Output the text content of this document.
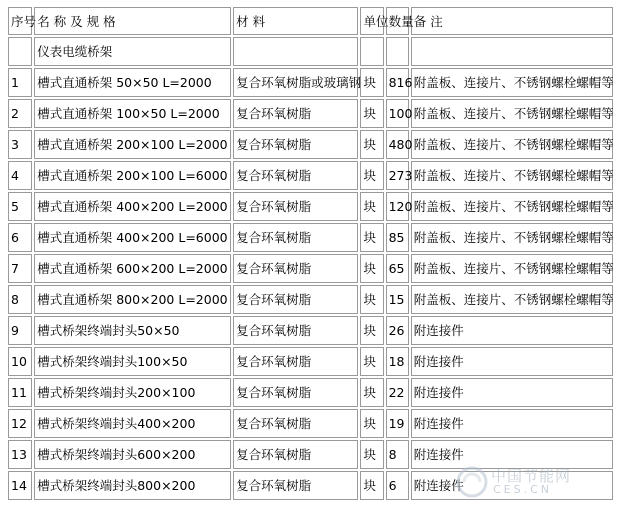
序号	名 称 及 规 格	材 料	单位	数量	备 注
	仪表电缆桥架				
1	槽式直通桥架 50×50 L=2000	复合环氧树脂或玻璃钢	块	816	附盖板、连接片、不锈钢螺栓螺帽等
2	槽式直通桥架 100×50 L=2000	复合环氧树脂	块	100	附盖板、连接片、不锈钢螺栓螺帽等
3	槽式直通桥架 200×100 L=2000	复合环氧树脂	块	480	附盖板、连接片、不锈钢螺栓螺帽等
4	槽式直通桥架 200×100 L=6000	复合环氧树脂	块	273	附盖板、连接片、不锈钢螺栓螺帽等
5	槽式直通桥架 400×200 L=2000	复合环氧树脂	块	120	附盖板、连接片、不锈钢螺栓螺帽等
6	槽式直通桥架 400×200 L=6000	复合环氧树脂	块	85	附盖板、连接片、不锈钢螺栓螺帽等
7	槽式直通桥架 600×200 L=2000	复合环氧树脂	块	65	附盖板、连接片、不锈钢螺栓螺帽等
8	槽式直通桥架 800×200 L=2000	复合环氧树脂	块	15	附盖板、连接片、不锈钢螺栓螺帽等
9	槽式桥架终端封头50×50	复合环氧树脂	块	26	附连接件
10	槽式桥架终端封头100×50	复合环氧树脂	块	18	附连接件
11	槽式桥架终端封头200×100	复合环氧树脂	块	22	附连接件
12	槽式桥架终端封头400×200	复合环氧树脂	块	19	附连接件
13	槽式桥架终端封头600×200	复合环氧树脂	块	8	附连接件
14	槽式桥架终端封头800×200	复合环氧树脂	块	6	附连接件
中国节能网
CES.CN
